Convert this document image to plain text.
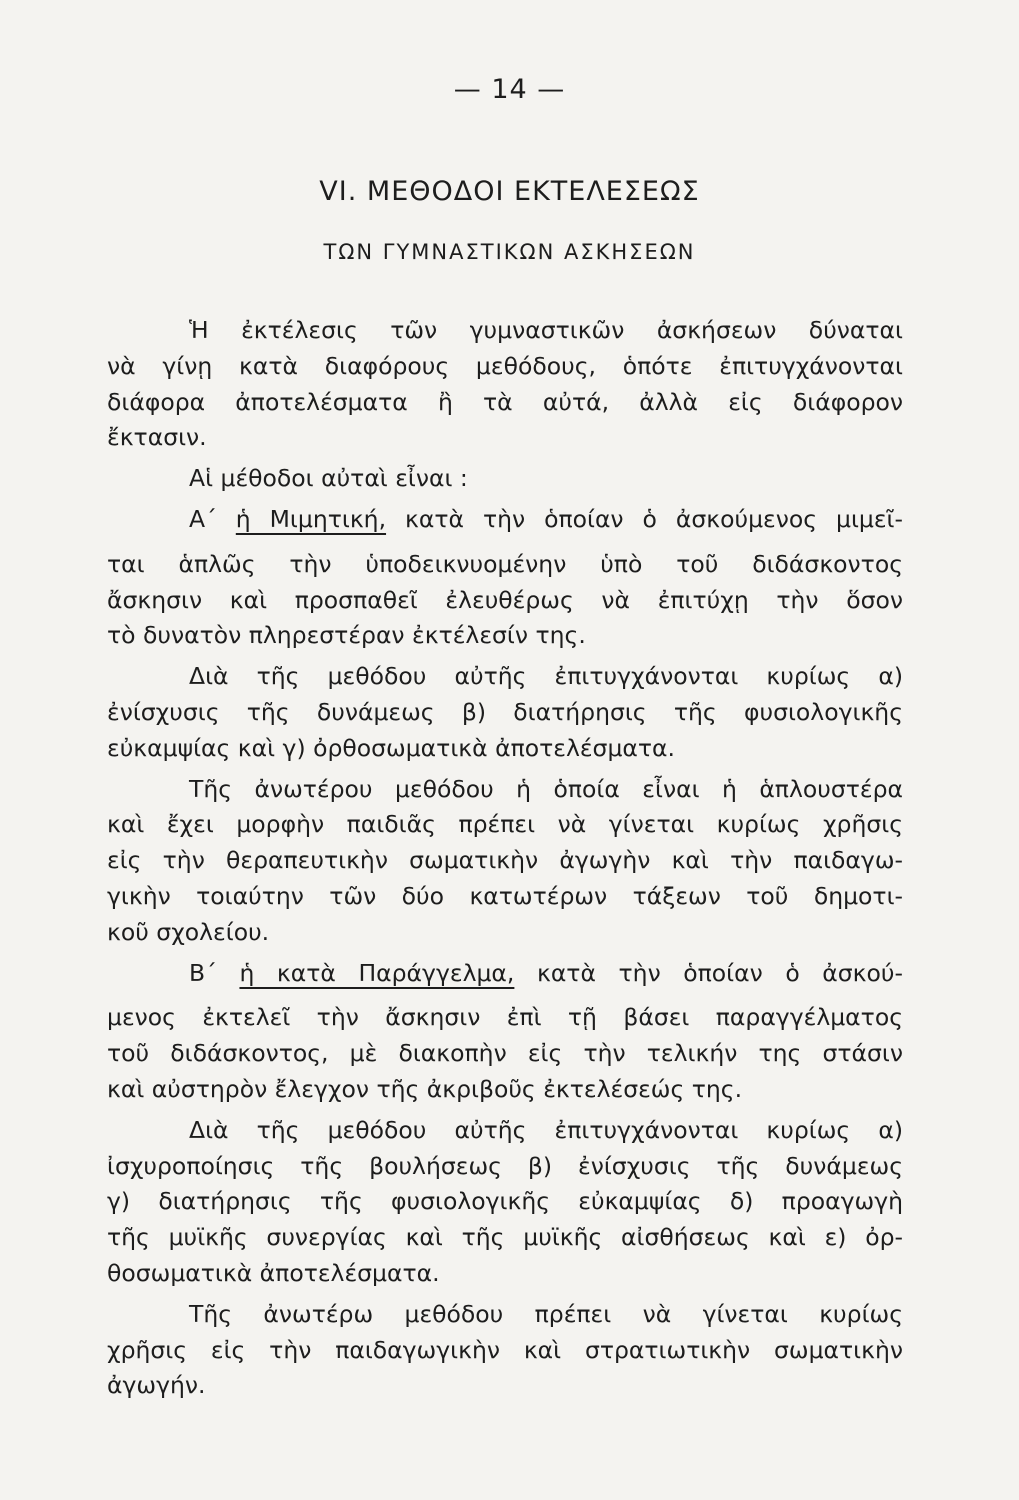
— 14 —
VI. ΜΕΘΟΔΟΙ ΕΚΤΕΛΕΣΕΩΣ
ΤΩΝ ΓΥΜΝΑΣΤΙΚΩΝ ΑΣΚΗΣΕΩΝ
Ἡ ἐκτέλεσις τῶν γυμναστικῶν ἀσκήσεων δύναται
νὰ γίνῃ κατὰ διαφόρους μεθόδους, ὁπότε ἐπιτυγχάνονται
διάφορα ἀποτελέσματα ἢ τὰ αὐτά, ἀλλὰ εἰς διάφορον
ἔκτασιν.
Αἱ μέθοδοι αὐταὶ εἶναι :
Α΄ ἡ Μιμητική, κατὰ τὴν ὁποίαν ὁ ἀσκούμενος μιμεῖ-
ται ἁπλῶς τὴν ὑποδεικνυομένην ὑπὸ τοῦ διδάσκοντος
ἄσκησιν καὶ προσπαθεῖ ἐλευθέρως νὰ ἐπιτύχῃ τὴν ὅσον
τὸ δυνατὸν πληρεστέραν ἐκτέλεσίν της.
Διὰ τῆς μεθόδου αὐτῆς ἐπιτυγχάνονται κυρίως α)
ἐνίσχυσις τῆς δυνάμεως β) διατήρησις τῆς φυσιολογικῆς
εὐκαμψίας καὶ γ) ὀρθοσωματικὰ ἀποτελέσματα.
Τῆς ἀνωτέρου μεθόδου ἡ ὁποία εἶναι ἡ ἁπλουστέρα
καὶ ἔχει μορφὴν παιδιᾶς πρέπει νὰ γίνεται κυρίως χρῆσις
εἰς τὴν θεραπευτικὴν σωματικὴν ἀγωγὴν καὶ τὴν παιδαγω-
γικὴν τοιαύτην τῶν δύο κατωτέρων τάξεων τοῦ δημοτι-
κοῦ σχολείου.
Β΄ ἡ κατὰ Παράγγελμα, κατὰ τὴν ὁποίαν ὁ ἀσκού-
μενος ἐκτελεῖ τὴν ἄσκησιν ἐπὶ τῇ βάσει παραγγέλματος
τοῦ διδάσκοντος, μὲ διακοπὴν εἰς τὴν τελικήν της στάσιν
καὶ αὐστηρὸν ἔλεγχον τῆς ἀκριβοῦς ἐκτελέσεώς της.
Διὰ τῆς μεθόδου αὐτῆς ἐπιτυγχάνονται κυρίως α)
ἰσχυροποίησις τῆς βουλήσεως β) ἐνίσχυσις τῆς δυνάμεως
γ) διατήρησις τῆς φυσιολογικῆς εὐκαμψίας δ) προαγωγὴ
τῆς μυϊκῆς συνεργίας καὶ τῆς μυϊκῆς αἰσθήσεως καὶ ε) ὀρ-
θοσωματικὰ ἀποτελέσματα.
Τῆς ἀνωτέρω μεθόδου πρέπει νὰ γίνεται κυρίως
χρῆσις εἰς τὴν παιδαγωγικὴν καὶ στρατιωτικὴν σωματικὴν
ἀγωγήν.
